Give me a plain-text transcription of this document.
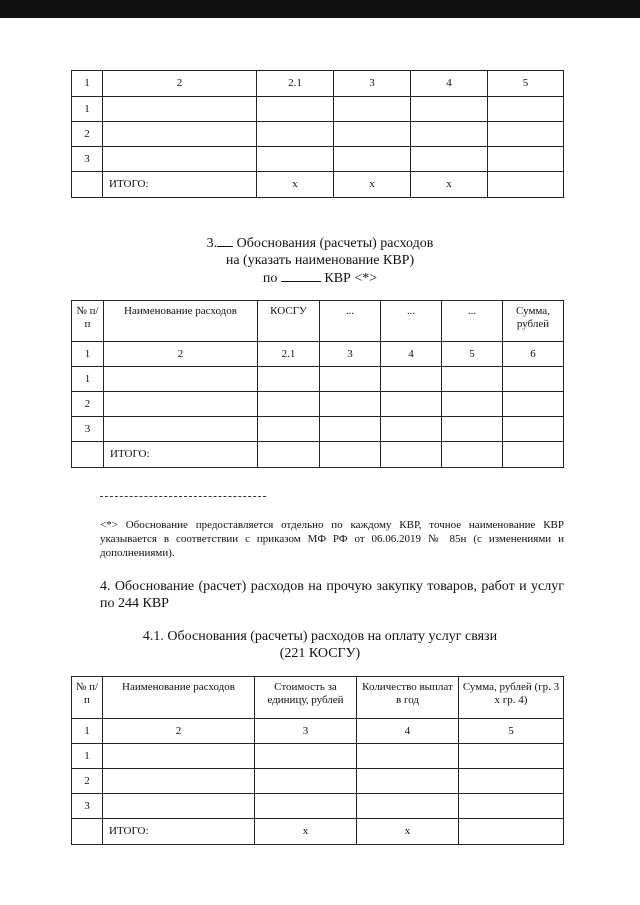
1	2	2.1	3	4	5
1					
2					
3					
	ИТОГО:	х	х	х	
3. Обоснования (расчеты) расходов
на (указать наименование КВР)
по	КВР <*>
№ п/п	Наименование расходов	КОСГУ	...	...	...	Сумма, рублей
1	2	2.1	3	4	5	6
1						
2						
3						
	ИТОГО:					
<*> Обоснование предоставляется отдельно по каждому КВР, точное наименование КВР указывается в соответствии с приказом МФ РФ от 06.06.2019 № 85н (с изменениями и дополнениями).
4. Обоснование (расчет) расходов на прочую закупку товаров, работ и услуг по 244 КВР
4.1. Обоснования (расчеты) расходов на оплату услуг связи
(221 КОСГУ)
№ п/п	Наименование расходов	Стоимость за единицу, рублей	Количество выплат в год	Сумма, рублей (гр. 3 х гр. 4)
1	2	3	4	5
1				
2				
3				
	ИТОГО:	х	х	
